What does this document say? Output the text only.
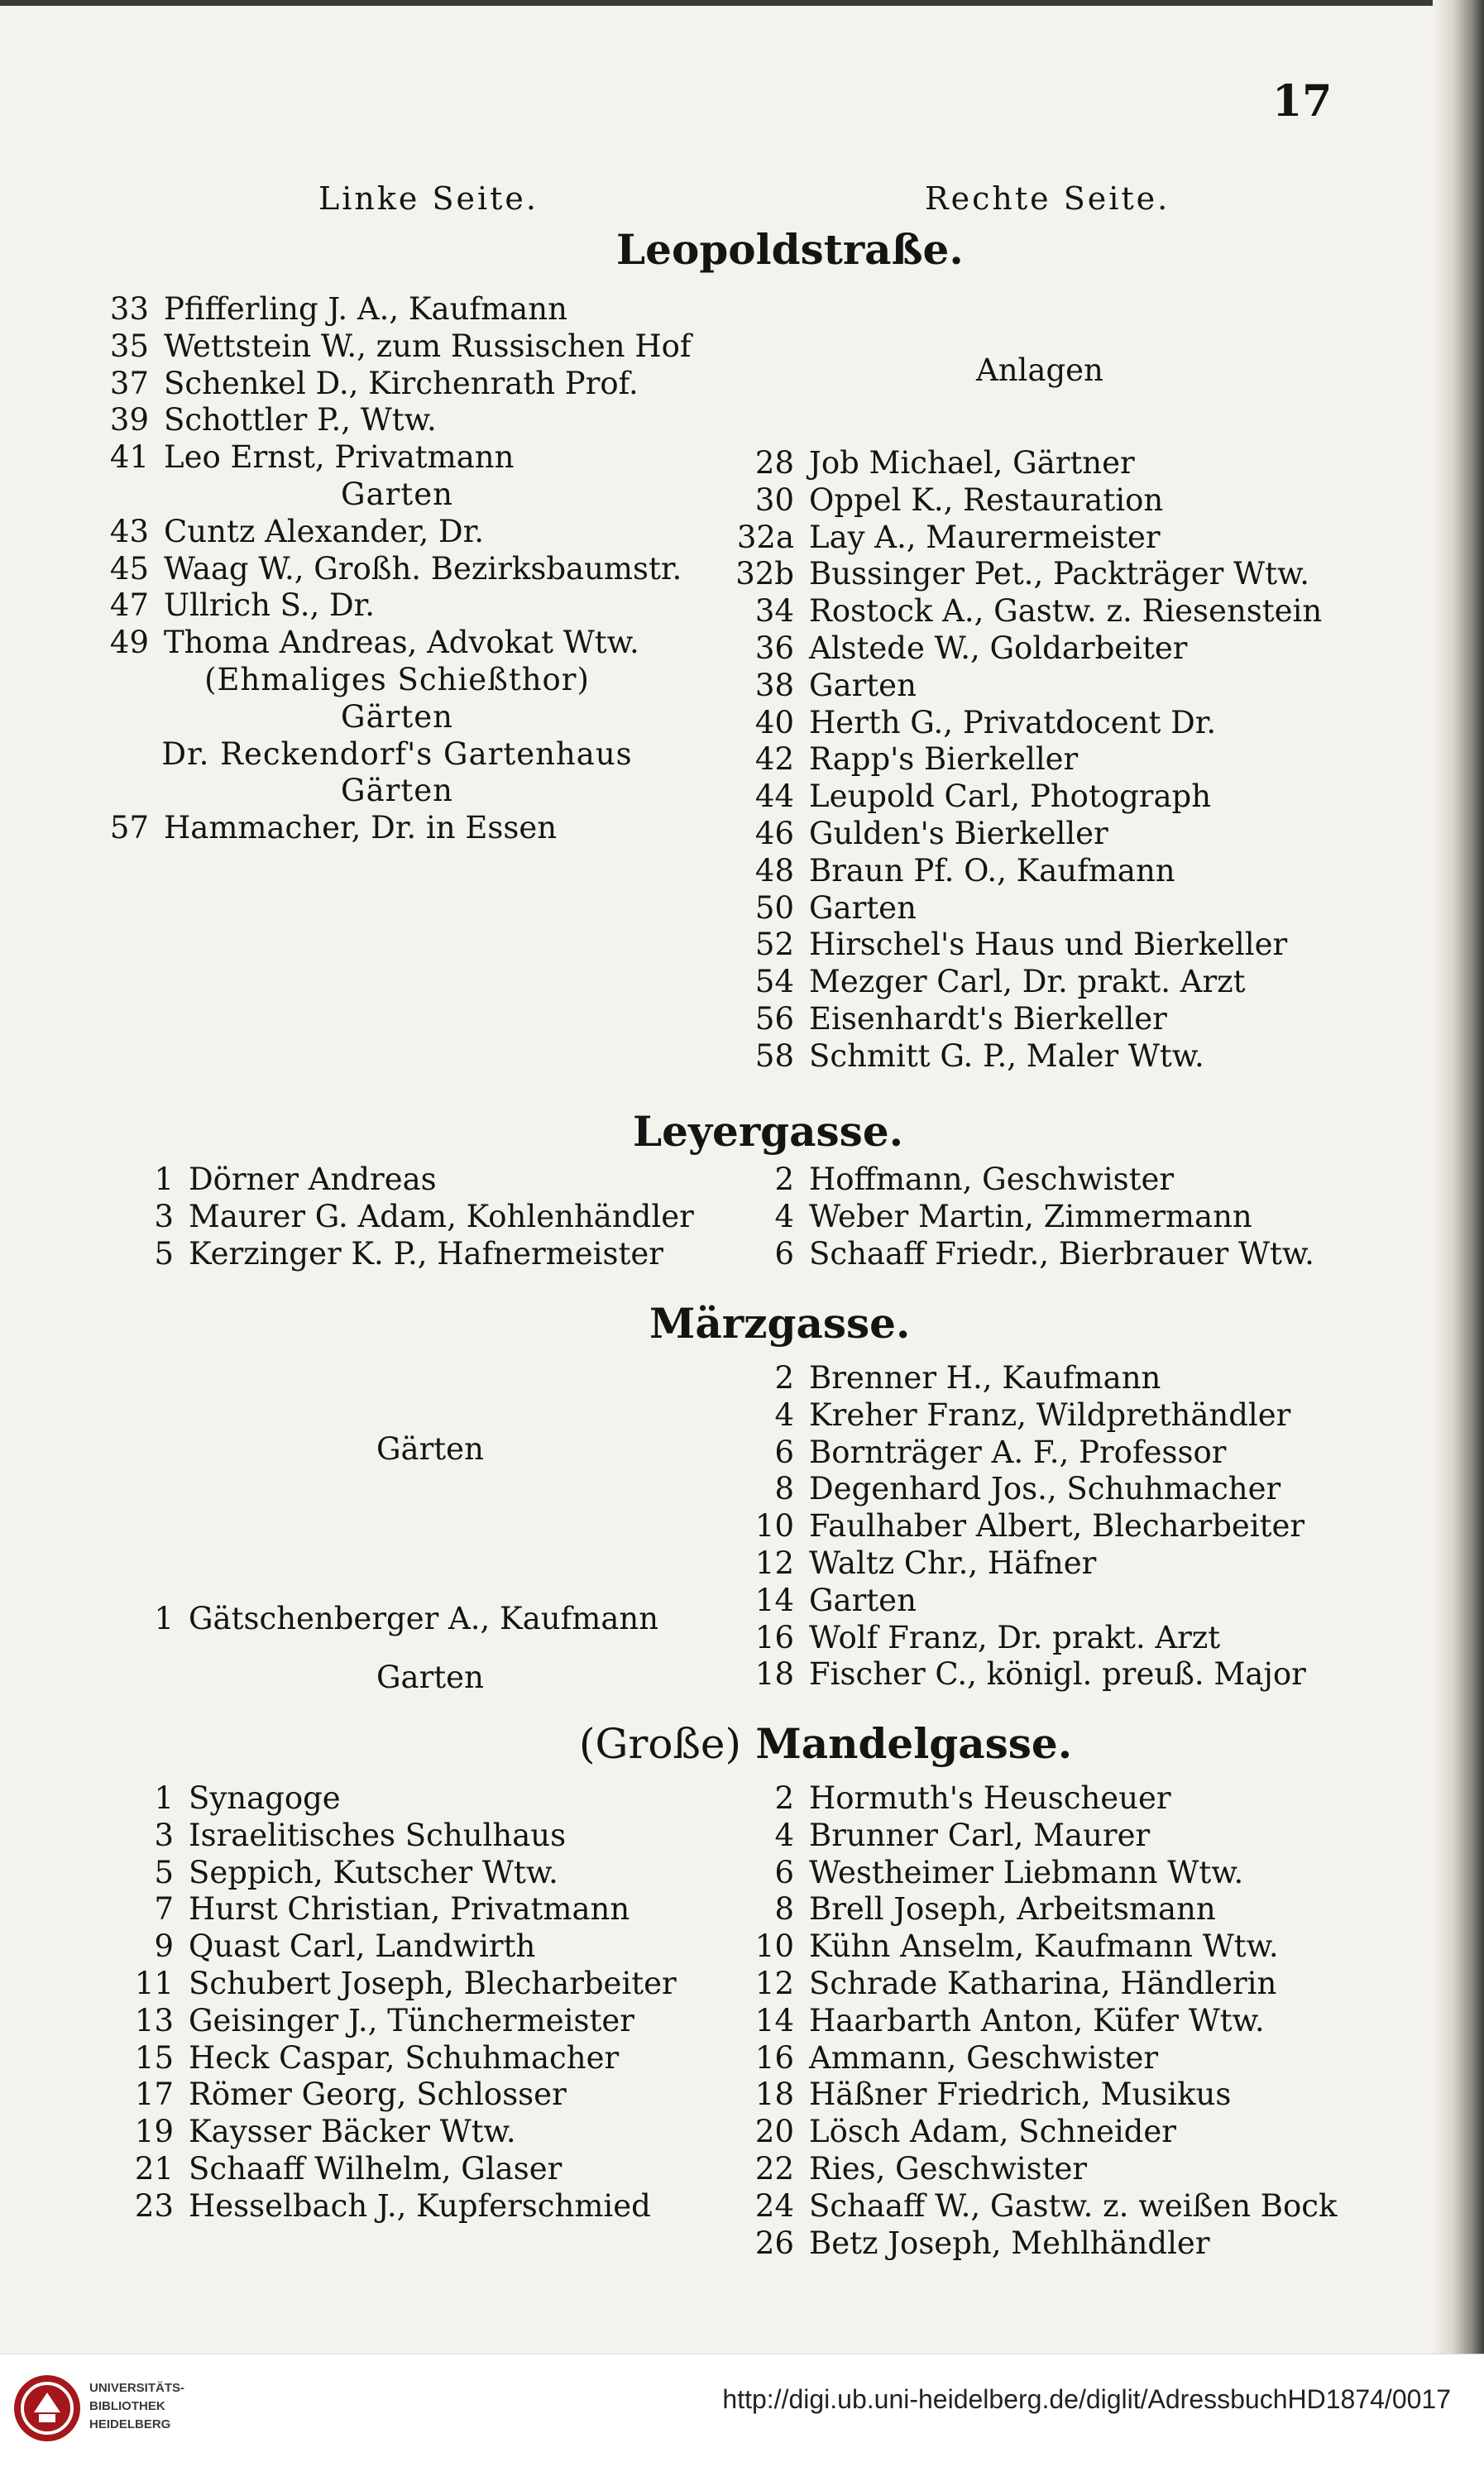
17
Linke Seite.	Rechte Seite.
Leopoldstraße.
33 Pfifferling J. A., Kaufmann
35 Wettstein W., zum Russischen Hof
37 Schenkel D., Kirchenrath Prof.
39 Schottler P., Wtw.
41 Leo Ernst, Privatmann
Garten
43 Cuntz Alexander, Dr.
45 Waag W., Großh. Bezirksbaumstr.
47 Ullrich S., Dr.
49 Thoma Andreas, Advokat Wtw.
(Ehmaliges Schießthor)
Gärten
Dr. Reckendorf's Gartenhaus
Gärten
57 Hammacher, Dr. in Essen
Anlagen
28 Job Michael, Gärtner
30 Oppel K., Restauration
32a Lay A., Maurermeister
32b Bussinger Pet., Packträger Wtw.
34 Rostock A., Gastw. z. Riesenstein
36 Alstede W., Goldarbeiter
38 Garten
40 Herth G., Privatdocent Dr.
42 Rapp's Bierkeller
44 Leupold Carl, Photograph
46 Gulden's Bierkeller
48 Braun Pf. O., Kaufmann
50 Garten
52 Hirschel's Haus und Bierkeller
54 Mezger Carl, Dr. prakt. Arzt
56 Eisenhardt's Bierkeller
58 Schmitt G. P., Maler Wtw.
Leyergasse.
1 Dörner Andreas
3 Maurer G. Adam, Kohlenhändler
5 Kerzinger K. P., Hafnermeister
2 Hoffmann, Geschwister
4 Weber Martin, Zimmermann
6 Schaaff Friedr., Bierbrauer Wtw.
Märzgasse.
Gärten
1 Gätschenberger A., Kaufmann
Garten
2 Brenner H., Kaufmann
4 Kreher Franz, Wildprethändler
6 Bornträger A. F., Professor
8 Degenhard Jos., Schuhmacher
10 Faulhaber Albert, Blecharbeiter
12 Waltz Chr., Häfner
14 Garten
16 Wolf Franz, Dr. prakt. Arzt
18 Fischer C., königl. preuß. Major
(Große) Mandelgasse.
1 Synagoge
3 Israelitisches Schulhaus
5 Seppich, Kutscher Wtw.
7 Hurst Christian, Privatmann
9 Quast Carl, Landwirth
11 Schubert Joseph, Blecharbeiter
13 Geisinger J., Tünchermeister
15 Heck Caspar, Schuhmacher
17 Römer Georg, Schlosser
19 Kaysser Bäcker Wtw.
21 Schaaff Wilhelm, Glaser
23 Hesselbach J., Kupferschmied
2 Hormuth's Heuscheuer
4 Brunner Carl, Maurer
6 Westheimer Liebmann Wtw.
8 Brell Joseph, Arbeitsmann
10 Kühn Anselm, Kaufmann Wtw.
12 Schrade Katharina, Händlerin
14 Haarbarth Anton, Küfer Wtw.
16 Ammann, Geschwister
18 Häßner Friedrich, Musikus
20 Lösch Adam, Schneider
22 Ries, Geschwister
24 Schaaff W., Gastw. z. weißen Bock
26 Betz Joseph, Mehlhändler
UNIVERSITÄTS-
BIBLIOTHEK
HEIDELBERG
http://digi.ub.uni-heidelberg.de/diglit/AdressbuchHD1874/0017
